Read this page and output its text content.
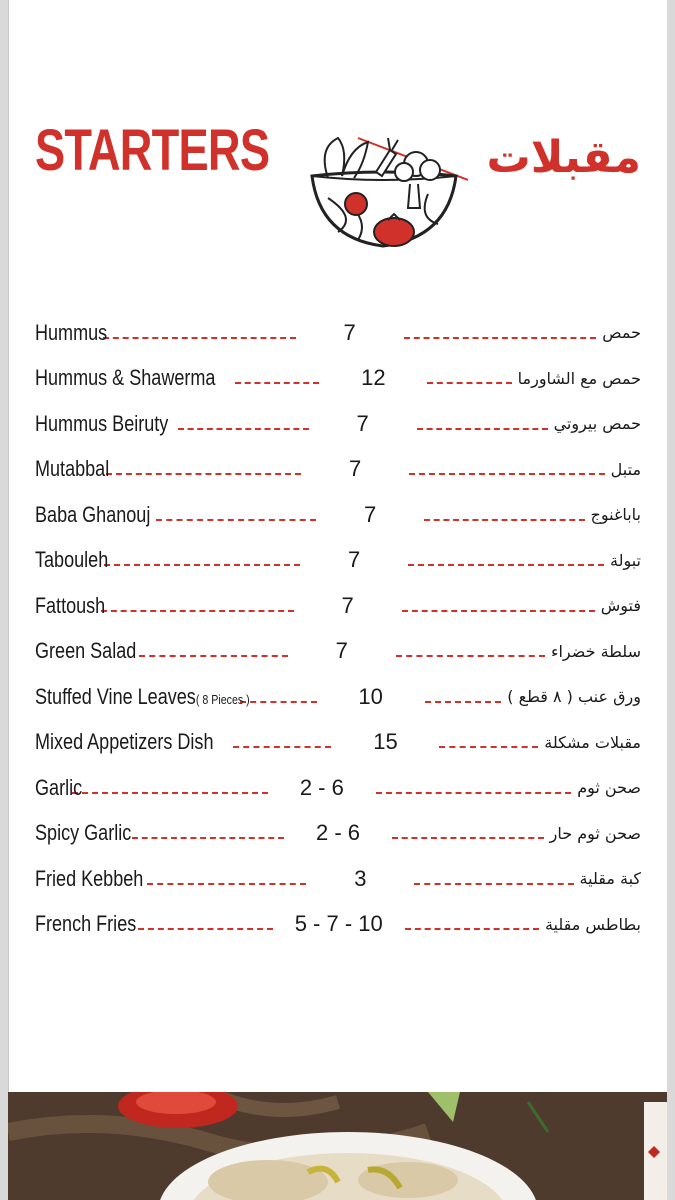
STARTERS	مقبلات
Hummus	7	حمص
Hummus & Shawerma	12	حمص مع الشاورما
Hummus Beiruty	7	حمص بيروتي
Mutabbal	7	متبل
Baba Ghanouj	7	باباغنوج
Tabouleh	7	تبولة
Fattoush	7	فتوش
Green Salad	7	سلطة خضراء
Stuffed Vine Leaves( 8 Pieces )	10	ورق عنب ( ٨ قطع )
Mixed Appetizers Dish	15	مقبلات مشكلة
Garlic	2 - 6	صحن ثوم
Spicy Garlic	2 - 6	صحن ثوم حار
Fried Kebbeh	3	كبة مقلية
French Fries	5 - 7 - 10	بطاطس مقلية
